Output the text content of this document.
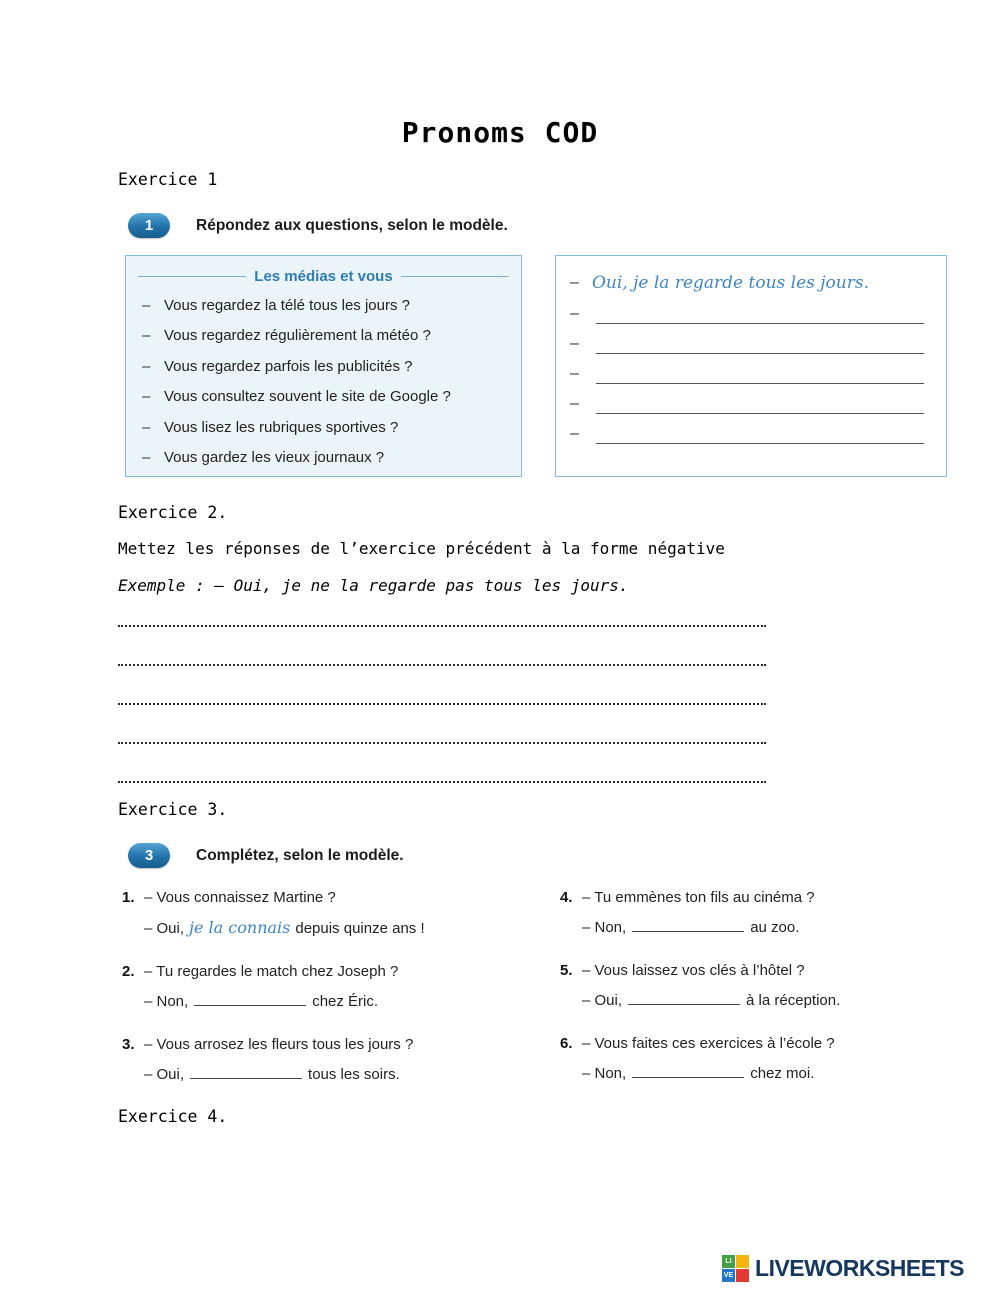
Pronoms COD
Exercice 1
1	Répondez aux questions, selon le modèle.
Les médias et vous
– Vous regardez la télé tous les jours ?
– Vous regardez régulièrement la météo ?
– Vous regardez parfois les publicités ?
– Vous consultez souvent le site de Google ?
– Vous lisez les rubriques sportives ?
– Vous gardez les vieux journaux ?
– Oui, je la regarde tous les jours.
–
–
–
–
–
Exercice 2.
Mettez les réponses de l’exercice précédent à la forme négative
Exemple : – Oui, je ne la regarde pas tous les jours.
Exercice 3.
3	Complétez, selon le modèle.
1. – Vous connaissez Martine ?
– Oui, je la connais depuis quinze ans !
2. – Tu regardes le match chez Joseph ?
– Non,	chez Éric.
3. – Vous arrosez les fleurs tous les jours ?
– Oui,	tous les soirs.
4. – Tu emmènes ton fils au cinéma ?
– Non,	au zoo.
5. – Vous laissez vos clés à l’hôtel ?
– Oui,	à la réception.
6. – Vous faites ces exercices à l’école ?
– Non,	chez moi.
Exercice 4.
LI
VE LIVEWORKSHEETS
